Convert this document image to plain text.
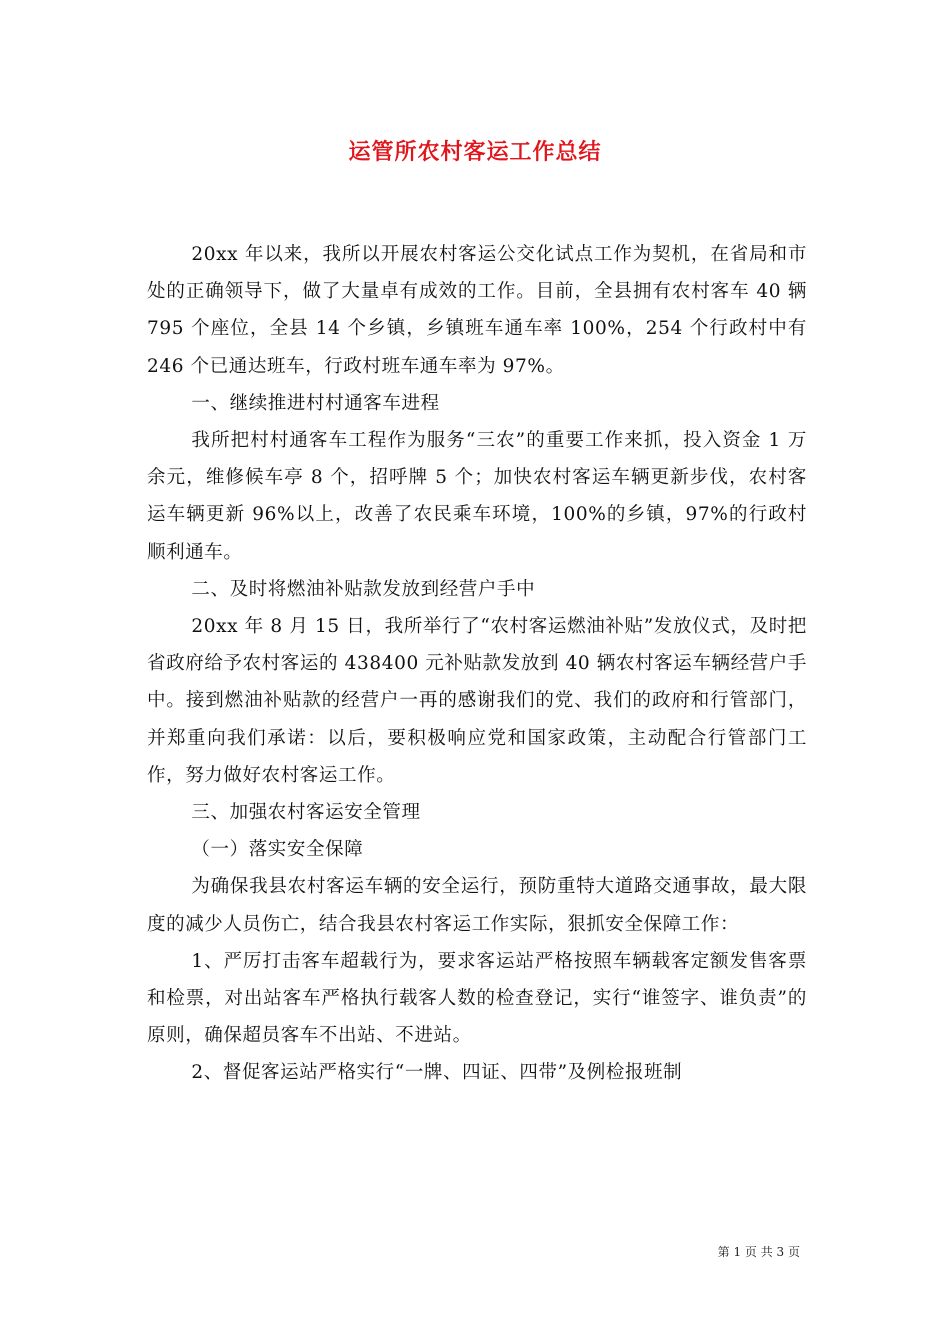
运管所农村客运工作总结

20xx 年以来，我所以开展农村客运公交化试点工作为契机，在省局和市处的正确领导下，做了大量卓有成效的工作。目前，全县拥有农村客车 40 辆 795 个座位，全县 14 个乡镇，乡镇班车通车率 100%，254 个行政村中有 246 个已通达班车，行政村班车通车率为 97%。

一、继续推进村村通客车进程

我所把村村通客车工程作为服务“三农”的重要工作来抓，投入资金 1 万余元，维修候车亭 8 个，招呼牌 5 个；加快农村客运车辆更新步伐，农村客运车辆更新 96%以上，改善了农民乘车环境，100%的乡镇，97%的行政村顺利通车。

二、及时将燃油补贴款发放到经营户手中

20xx 年 8 月 15 日，我所举行了“农村客运燃油补贴”发放仪式，及时把省政府给予农村客运的 438400 元补贴款发放到 40 辆农村客运车辆经营户手中。接到燃油补贴款的经营户一再的感谢我们的党、我们的政府和行管部门，并郑重向我们承诺：以后，要积极响应党和国家政策，主动配合行管部门工作，努力做好农村客运工作。

三、加强农村客运安全管理

（一）落实安全保障

为确保我县农村客运车辆的安全运行，预防重特大道路交通事故，最大限度的减少人员伤亡，结合我县农村客运工作实际，狠抓安全保障工作：

1、严厉打击客车超载行为，要求客运站严格按照车辆载客定额发售客票和检票，对出站客车严格执行载客人数的检查登记，实行“谁签字、谁负责”的原则，确保超员客车不出站、不进站。

2、督促客运站严格实行“一牌、四证、四带”及例检报班制

第 1 页 共 3 页
